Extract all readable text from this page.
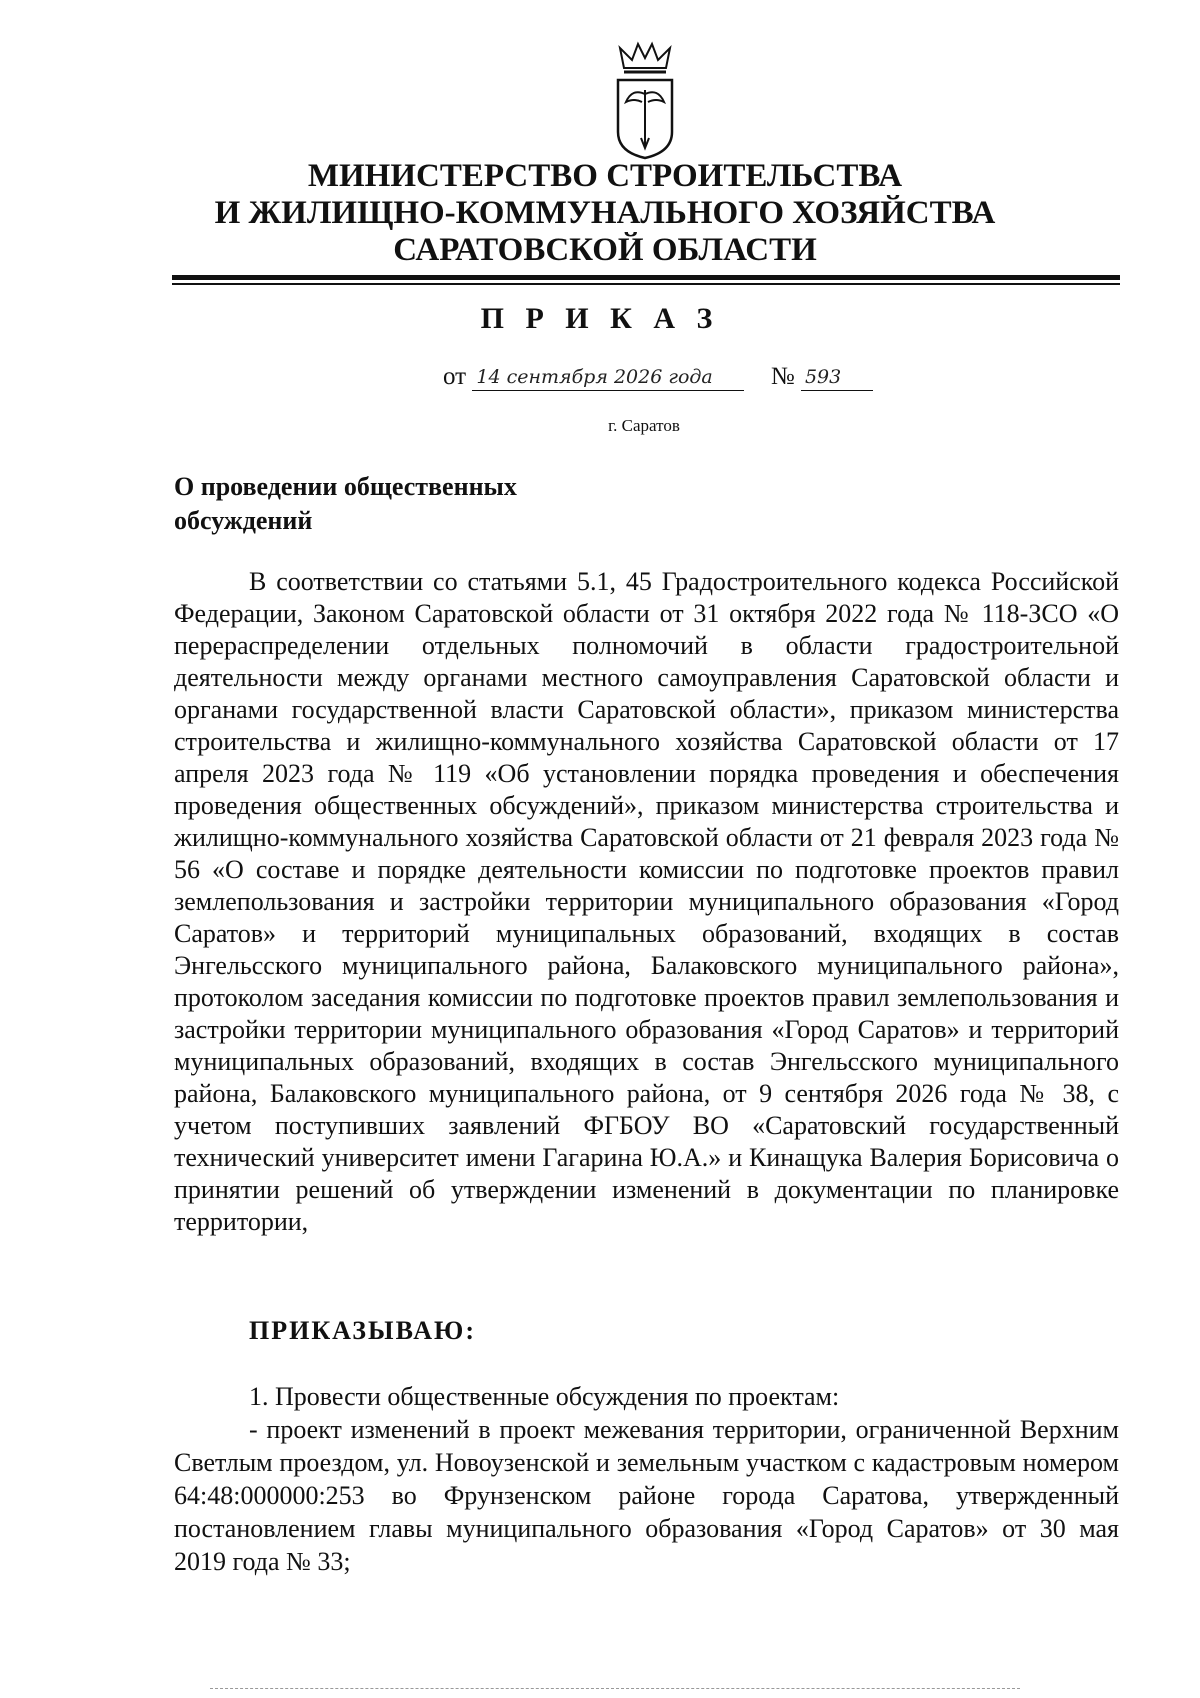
МИНИСТЕРСТВО СТРОИТЕЛЬСТВА
И ЖИЛИЩНО-КОММУНАЛЬНОГО ХОЗЯЙСТВА
САРАТОВСКОЙ ОБЛАСТИ
П Р И К А З
от 14 сентября 2026 года № 593
г. Саратов
О проведении общественных
обсуждений

В соответствии со статьями 5.1, 45 Градостроительного кодекса Российской Федерации, Законом Саратовской области от 31 октября 2022 года № 118-ЗСО «О перераспределении отдельных полномочий в области градостроительной деятельности между органами местного самоуправления Саратовской области и органами государственной власти Саратовской области», приказом министерства строительства и жилищно-коммунального хозяйства Саратовской области от 17 апреля 2023 года № 119 «Об установлении порядка проведения и обеспечения проведения общественных обсуждений», приказом министерства строительства и жилищно-коммунального хозяйства Саратовской области от 21 февраля 2023 года № 56 «О составе и порядке деятельности комиссии по подготовке проектов правил землепользования и застройки территории муниципального образования «Город Саратов» и территорий муниципальных образований, входящих в состав Энгельсского муниципального района, Балаковского муниципального района», протоколом заседания комиссии по подготовке проектов правил землепользования и застройки территории муниципального образования «Город Саратов» и территорий муниципальных образований, входящих в состав Энгельсского муниципального района, Балаковского муниципального района, от 9 сентября 2026 года № 38, с учетом поступивших заявлений ФГБОУ ВО «Саратовский государственный технический университет имени Гагарина Ю.А.» и Кинащука Валерия Борисовича о принятии решений об утверждении изменений в документации по планировке территории,

ПРИКАЗЫВАЮ:

1. Провести общественные обсуждения по проектам:

- проект изменений в проект межевания территории, ограниченной Верхним Светлым проездом, ул. Новоузенской и земельным участком с кадастровым номером 64:48:000000:253 во Фрунзенском районе города Саратова, утвержденный постановлением главы муниципального образования «Город Саратов» от 30 мая 2019 года № 33;
